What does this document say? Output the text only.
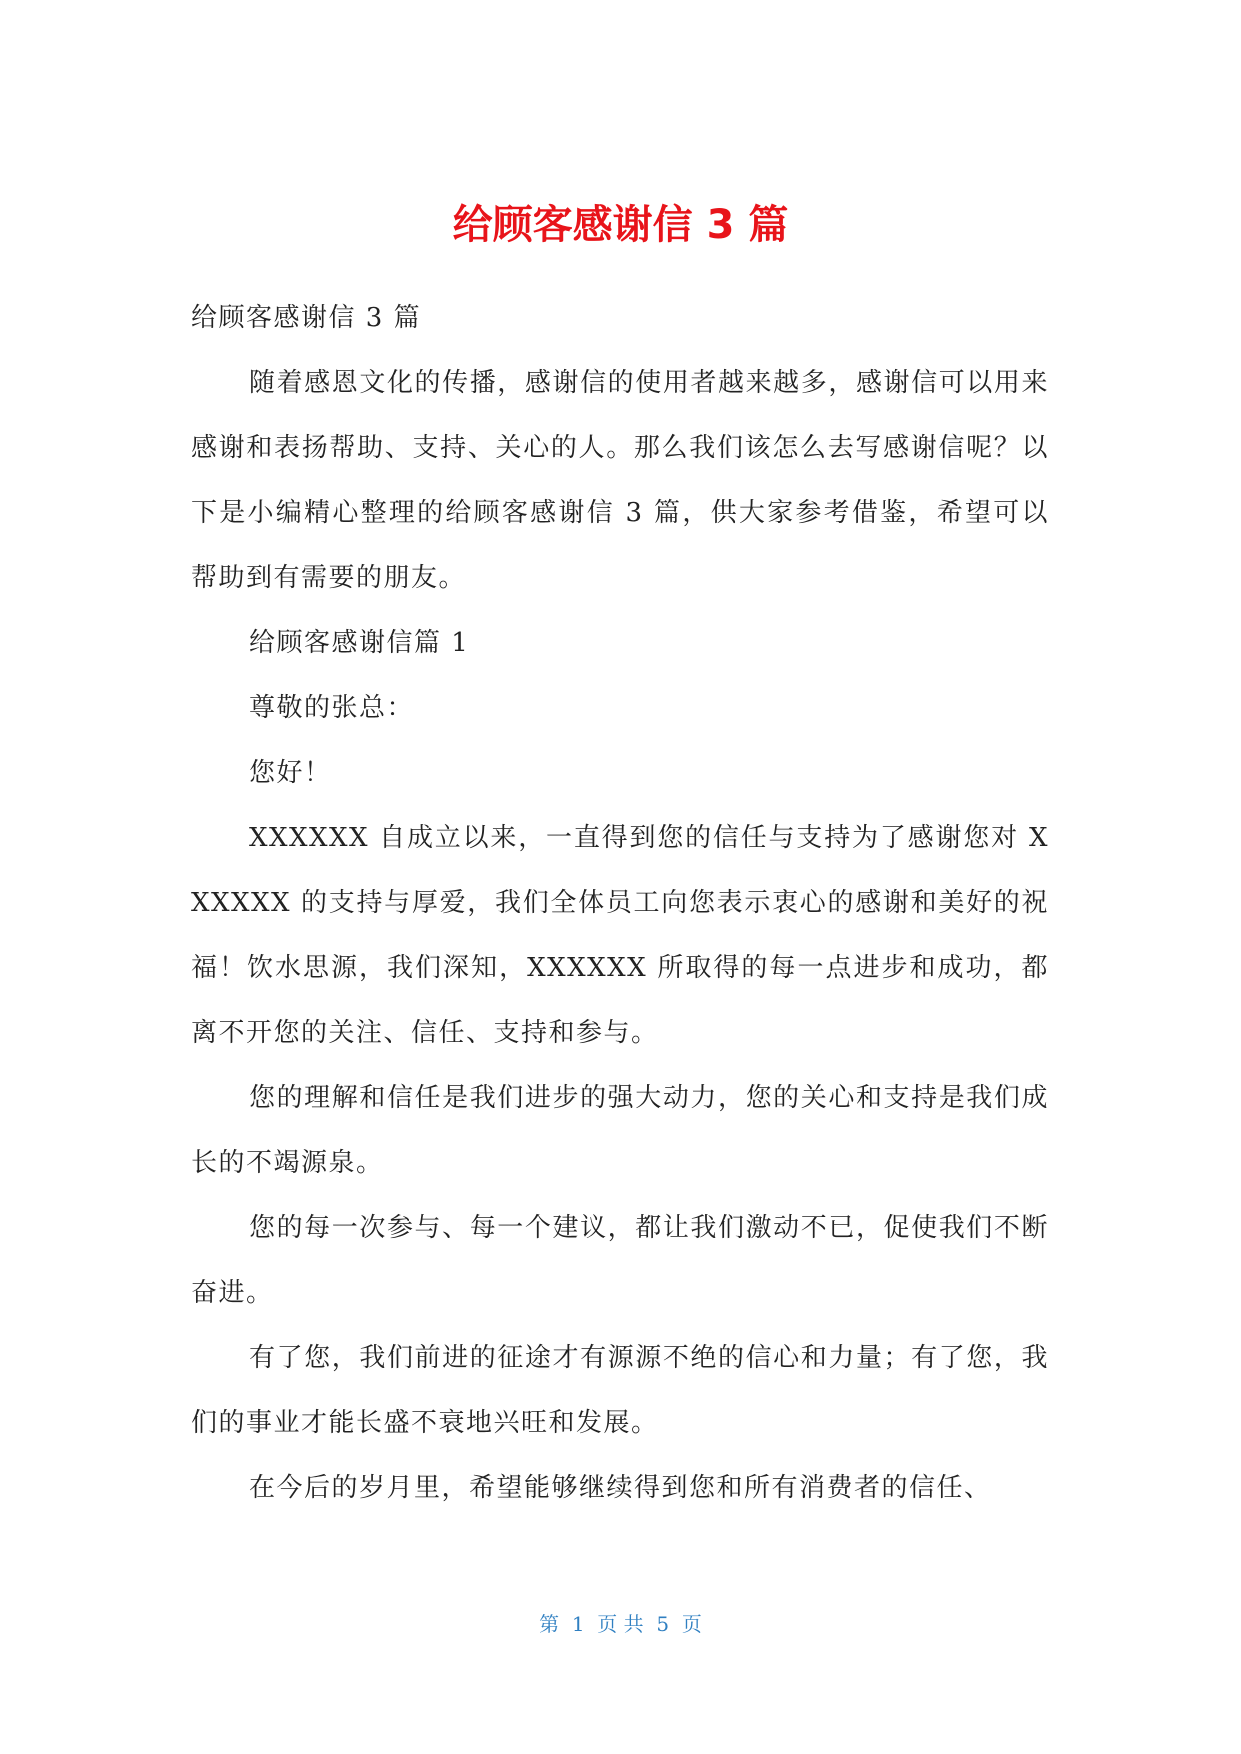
给顾客感谢信 3 篇

给顾客感谢信 3 篇

随着感恩文化的传播，感谢信的使用者越来越多，感谢信可以用来感谢和表扬帮助、支持、关心的人。那么我们该怎么去写感谢信呢？以下是小编精心整理的给顾客感谢信 3 篇，供大家参考借鉴，希望可以帮助到有需要的朋友。

给顾客感谢信篇 1

尊敬的张总：

您好！

XXXXXX 自成立以来，一直得到您的信任与支持为了感谢您对 XXXXXX 的支持与厚爱，我们全体员工向您表示衷心的感谢和美好的祝福！饮水思源，我们深知，XXXXXX 所取得的每一点进步和成功，都离不开您的关注、信任、支持和参与。

您的理解和信任是我们进步的强大动力，您的关心和支持是我们成长的不竭源泉。

您的每一次参与、每一个建议，都让我们激动不已，促使我们不断奋进。

有了您，我们前进的征途才有源源不绝的信心和力量；有了您，我们的事业才能长盛不衰地兴旺和发展。

在今后的岁月里，希望能够继续得到您和所有消费者的信任、

第  1  页 共  5  页
